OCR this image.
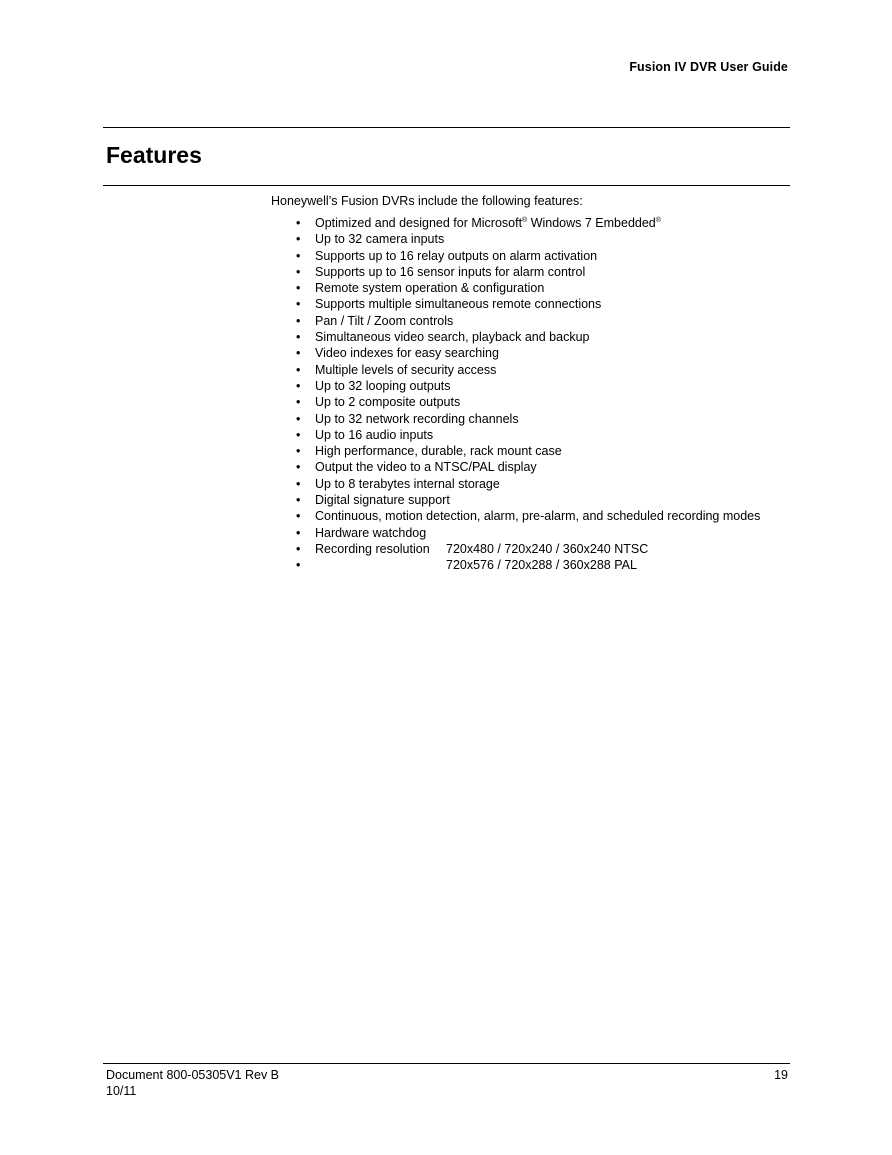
Fusion IV DVR User Guide
Features

Honeywell’s Fusion DVRs include the following features:

• Optimized and designed for Microsoft® Windows 7 Embedded®
• Up to 32 camera inputs
• Supports up to 16 relay outputs on alarm activation
• Supports up to 16 sensor inputs for alarm control
• Remote system operation & configuration
• Supports multiple simultaneous remote connections
• Pan / Tilt / Zoom controls
• Simultaneous video search, playback and backup
• Video indexes for easy searching
• Multiple levels of security access
• Up to 32 looping outputs
• Up to 2 composite outputs
• Up to 32 network recording channels
• Up to 16 audio inputs
• High performance, durable, rack mount case
• Output the video to a NTSC/PAL display
• Up to 8 terabytes internal storage
• Digital signature support
• Continuous, motion detection, alarm, pre-alarm, and scheduled recording modes
• Hardware watchdog
• Recording resolution 720x480 / 720x240 / 360x240 NTSC
•	720x576 / 720x288 / 360x288 PAL
Document 800-05305V1 Rev B
10/11
19
